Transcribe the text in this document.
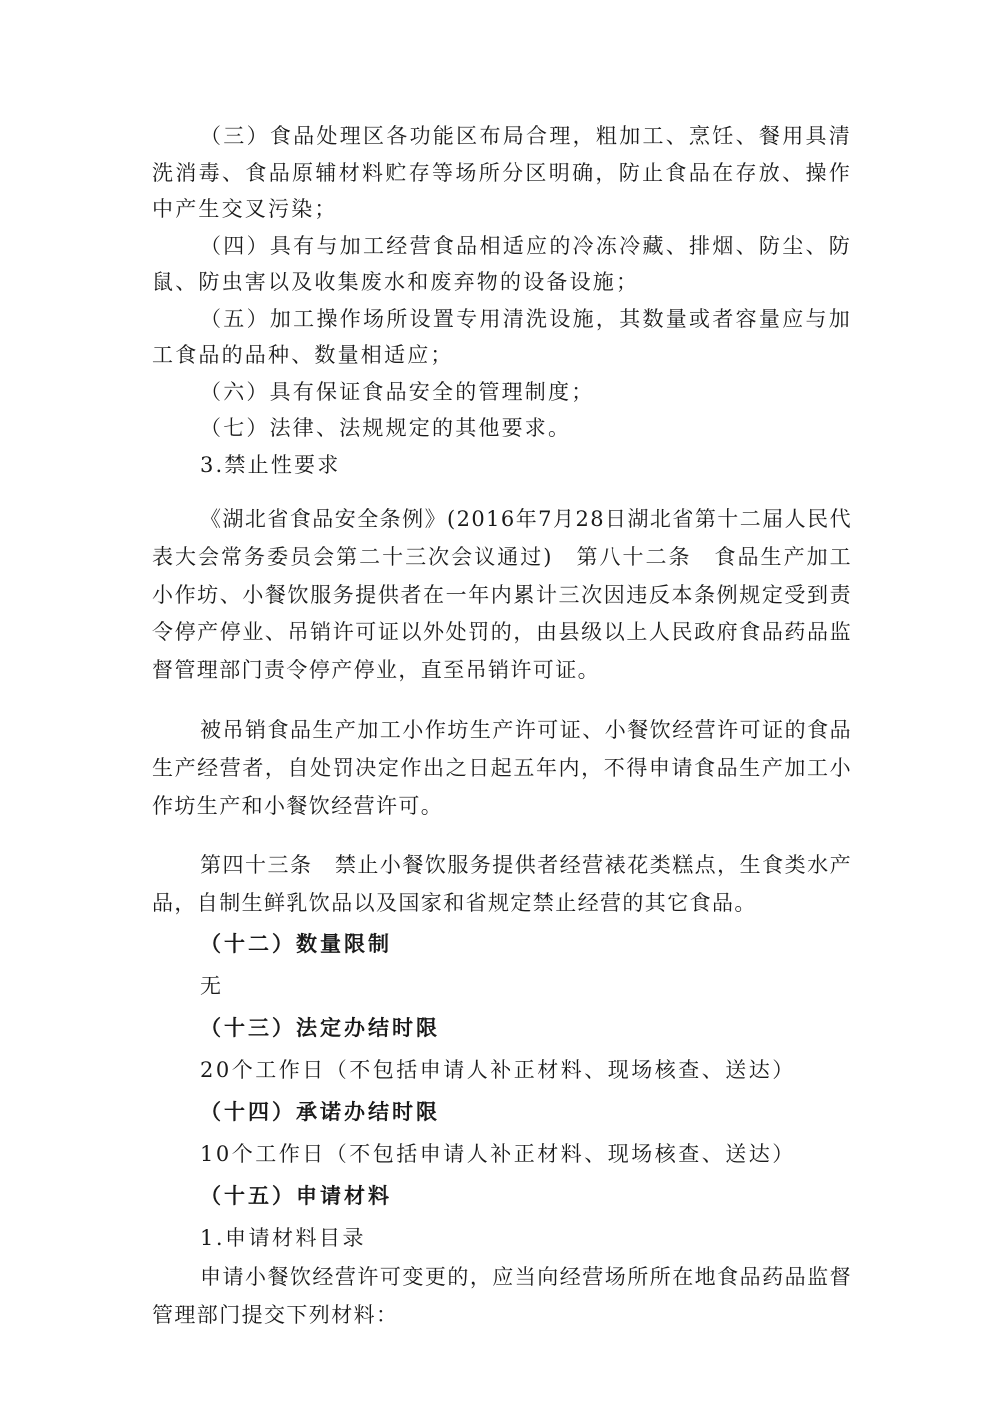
（三）食品处理区各功能区布局合理，粗加工、烹饪、餐用具清洗消毒、食品原辅材料贮存等场所分区明确，防止食品在存放、操作中产生交叉污染；

（四）具有与加工经营食品相适应的冷冻冷藏、排烟、防尘、防鼠、防虫害以及收集废水和废弃物的设备设施；

（五）加工操作场所设置专用清洗设施，其数量或者容量应与加工食品的品种、数量相适应；

（六）具有保证食品安全的管理制度；

（七）法律、法规规定的其他要求。

3.禁止性要求

《湖北省食品安全条例》(2016年7月28日湖北省第十二届人民代表大会常务委员会第二十三次会议通过)　第八十二条　食品生产加工小作坊、小餐饮服务提供者在一年内累计三次因违反本条例规定受到责令停产停业、吊销许可证以外处罚的，由县级以上人民政府食品药品监督管理部门责令停产停业，直至吊销许可证。

被吊销食品生产加工小作坊生产许可证、小餐饮经营许可证的食品生产经营者，自处罚决定作出之日起五年内，不得申请食品生产加工小作坊生产和小餐饮经营许可。

第四十三条　禁止小餐饮服务提供者经营裱花类糕点，生食类水产品，自制生鲜乳饮品以及国家和省规定禁止经营的其它食品。

（十二）数量限制

无

（十三）法定办结时限

20个工作日（不包括申请人补正材料、现场核查、送达）

（十四）承诺办结时限

10个工作日（不包括申请人补正材料、现场核查、送达）

（十五）申请材料

1.申请材料目录

申请小餐饮经营许可变更的，应当向经营场所所在地食品药品监督管理部门提交下列材料：
